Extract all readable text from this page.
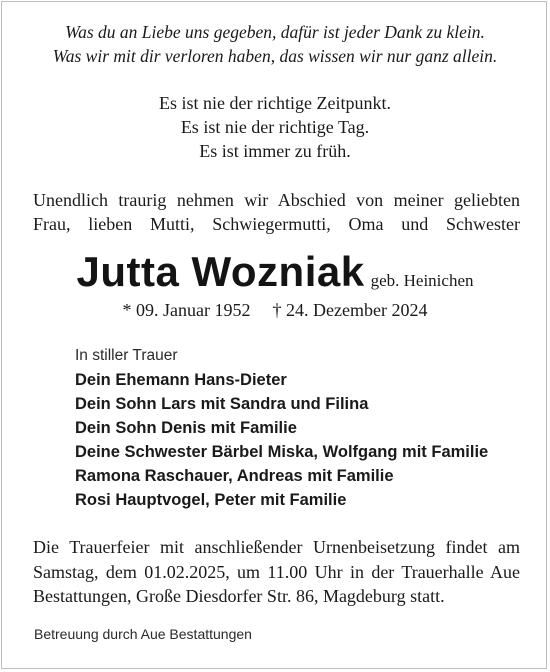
Was du an Liebe uns gegeben, dafür ist jeder Dank zu klein.
Was wir mit dir verloren haben, das wissen wir nur ganz allein.
Es ist nie der richtige Zeitpunkt.
Es ist nie der richtige Tag.
Es ist immer zu früh.
Unendlich traurig nehmen wir Abschied von meiner geliebten
Frau, lieben Mutti, Schwiegermutti, Oma und Schwester
Jutta Wozniak geb. Heinichen
* 09. Januar 1952 † 24. Dezember 2024
In stiller Trauer
Dein Ehemann Hans-Dieter
Dein Sohn Lars mit Sandra und Filina
Dein Sohn Denis mit Familie
Deine Schwester Bärbel Miska, Wolfgang mit Familie
Ramona Raschauer, Andreas mit Familie
Rosi Hauptvogel, Peter mit Familie
Die Trauerfeier mit anschließender Urnenbeisetzung findet am
Samstag, dem 01.02.2025, um 11.00 Uhr in der Trauerhalle Aue
Bestattungen, Große Diesdorfer Str. 86, Magdeburg statt.
Betreuung durch Aue Bestattungen
